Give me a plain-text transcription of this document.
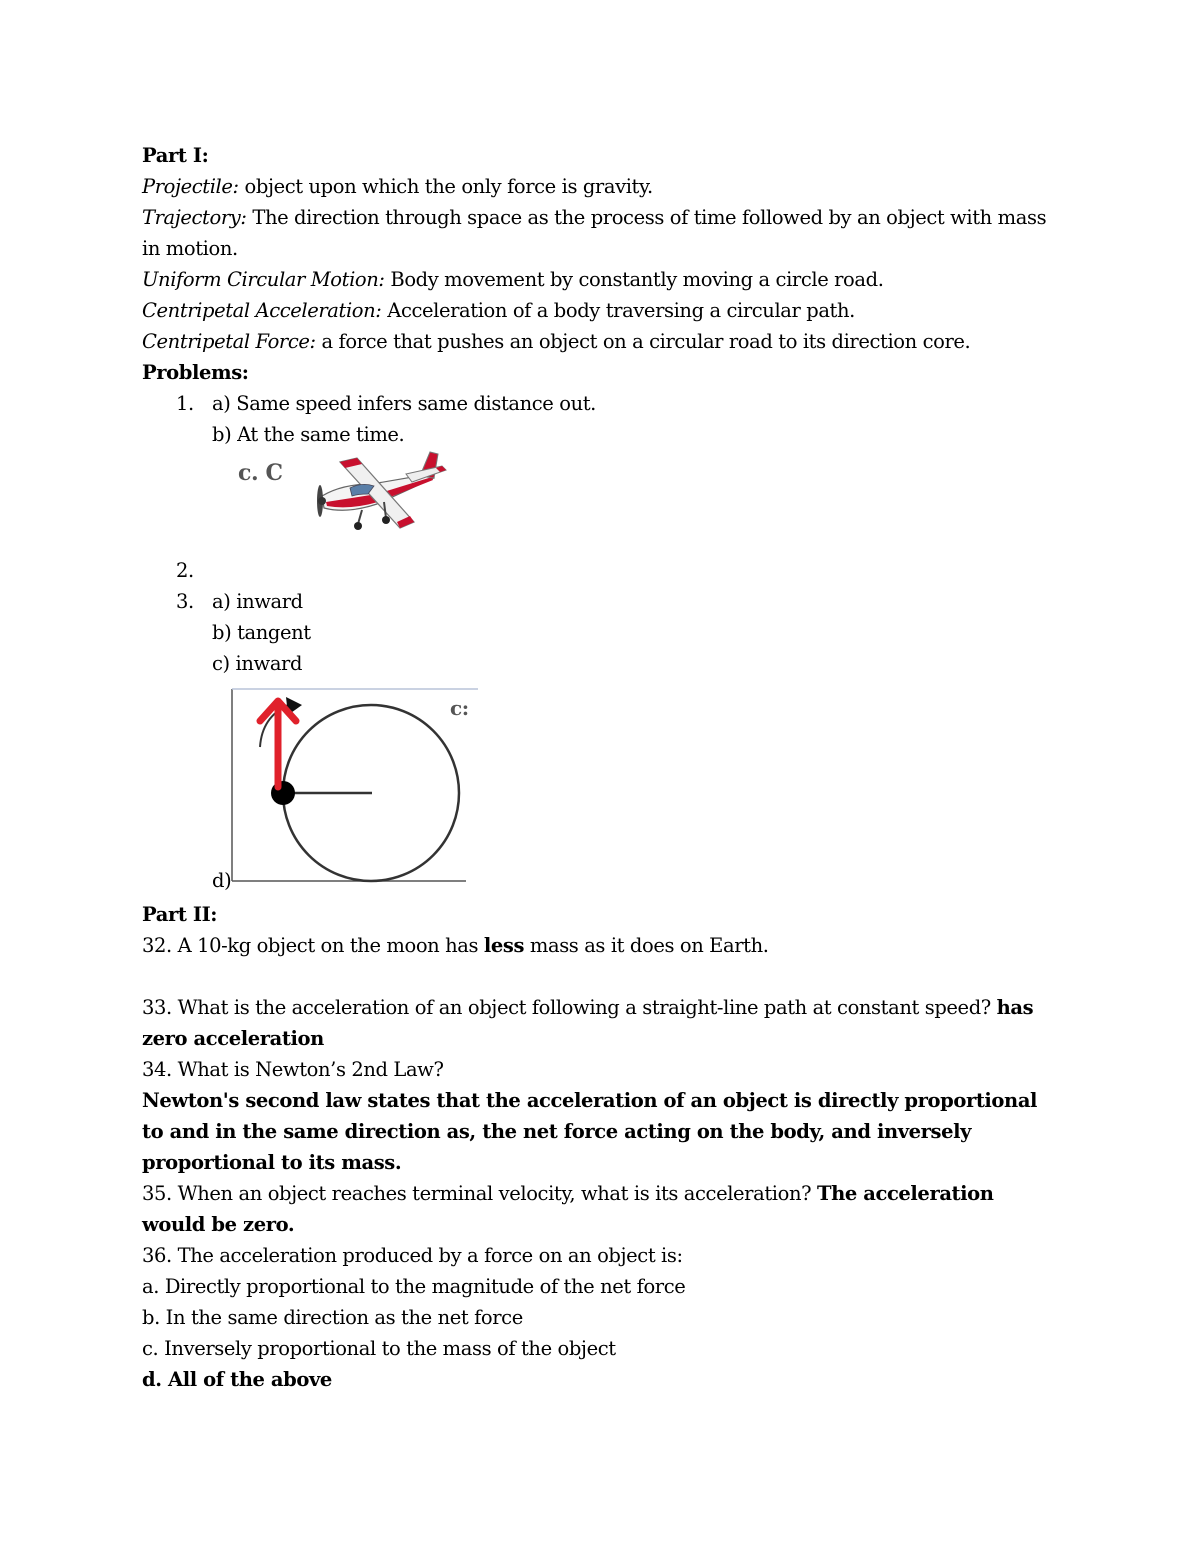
Part I:
Projectile: object upon which the only force is gravity.
Trajectory: The direction through space as the process of time followed by an object with mass in motion.
Uniform Circular Motion: Body movement by constantly moving a circle road.
Centripetal Acceleration: Acceleration of a body traversing a circular path.
Centripetal Force: a force that pushes an object on a circular road to its direction core.
Problems:
1. a) Same speed infers same distance out.
b) At the same time.
c. C
2.

3. a) inward
b) tangent
c) inward
d)
c:
Part II:
32. A 10-kg object on the moon has less mass as it does on Earth.

33. What is the acceleration of an object following a straight-line path at constant speed? has zero acceleration
34. What is Newton’s 2nd Law?
Newton's second law states that the acceleration of an object is directly proportional to and in the same direction as, the net force acting on the body, and inversely proportional to its mass.
35. When an object reaches terminal velocity, what is its acceleration? The acceleration would be zero.
36. The acceleration produced by a force on an object is:
a. Directly proportional to the magnitude of the net force
b. In the same direction as the net force
c. Inversely proportional to the mass of the object
d. All of the above
